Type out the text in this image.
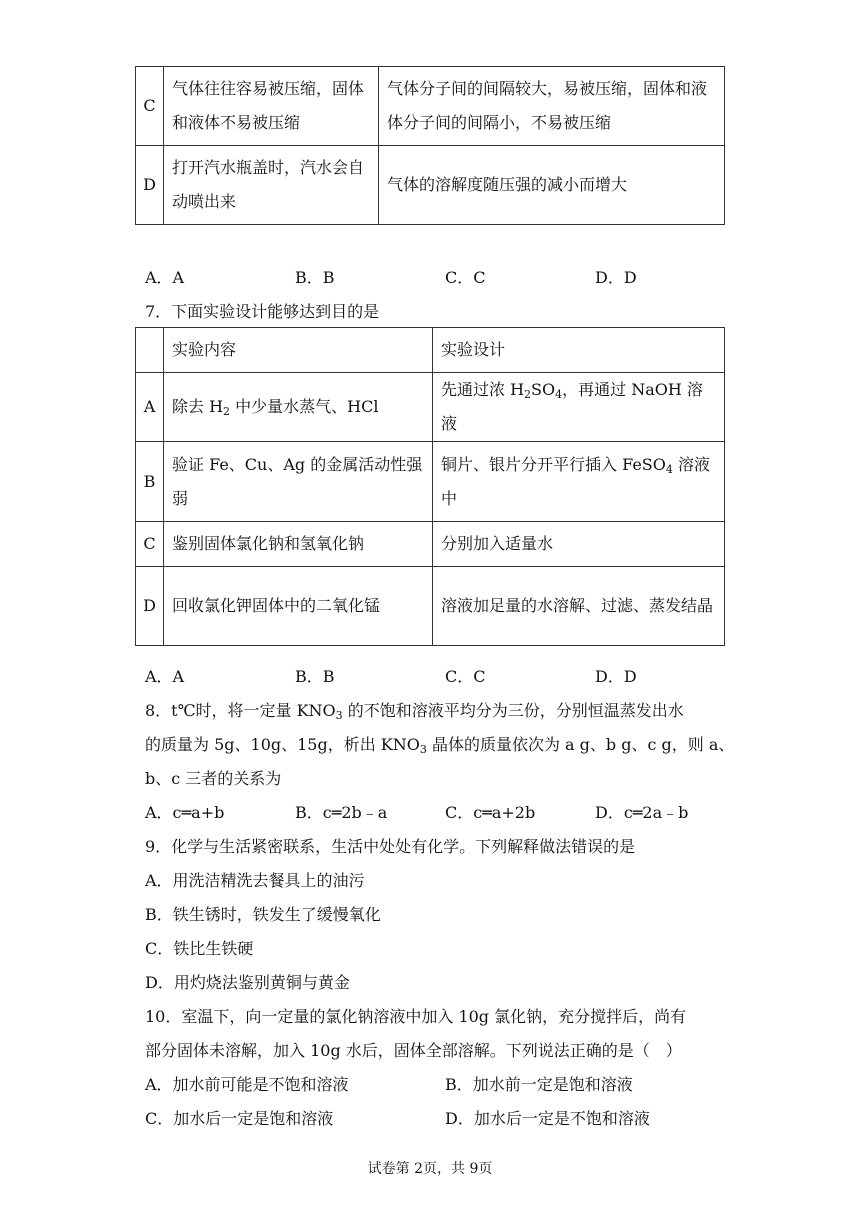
C	气体往往容易被压缩，固体和液体不易被压缩	气体分子间的间隔较大，易被压缩，固体和液体分子间的间隔小，不易被压缩
D	打开汽水瓶盖时，汽水会自动喷出来	气体的溶解度随压强的减小而增大
A．A	B．B	C．C	D．D
7．下面实验设计能够达到目的是
	实验内容	实验设计
A	除去 $H_2$ 中少量水蒸气、HCl	先通过浓 $H_2SO_4$，再通过 NaOH 溶液
B	验证 Fe、Cu、Ag 的金属活动性强弱	铜片、银片分开平行插入 FeSO$_4$ 溶液中
C	鉴别固体氯化钠和氢氧化钠	分别加入适量水
D	回收氯化钾固体中的二氧化锰	溶液加足量的水溶解、过滤、蒸发结晶
A．A	B．B	C．C	D．D
8．t℃时，将一定量 $KNO_3$ 的不饱和溶液平均分为三份，分别恒温蒸发出水
的质量为 5g、10g、15g，析出 $KNO_3$ 晶体的质量依次为 a g、b g、c g，则 a、
b、c 三者的关系为
A．c═a+b	B．c═2b﹣a	C．c═a+2b	D．c═2a﹣b
9．化学与生活紧密联系，生活中处处有化学。下列解释做法错误的是
A．用洗洁精洗去餐具上的油污
B．铁生锈时，铁发生了缓慢氧化
C．铁比生铁硬
D．用灼烧法鉴别黄铜与黄金
10．室温下，向一定量的氯化钠溶液中加入 10g 氯化钠，充分搅拌后，尚有
部分固体未溶解，加入 10g 水后，固体全部溶解。下列说法正确的是（　）
A．加水前可能是不饱和溶液	B．加水前一定是饱和溶液
C．加水后一定是饱和溶液	D．加水后一定是不饱和溶液
试卷第 2页，共 9页
